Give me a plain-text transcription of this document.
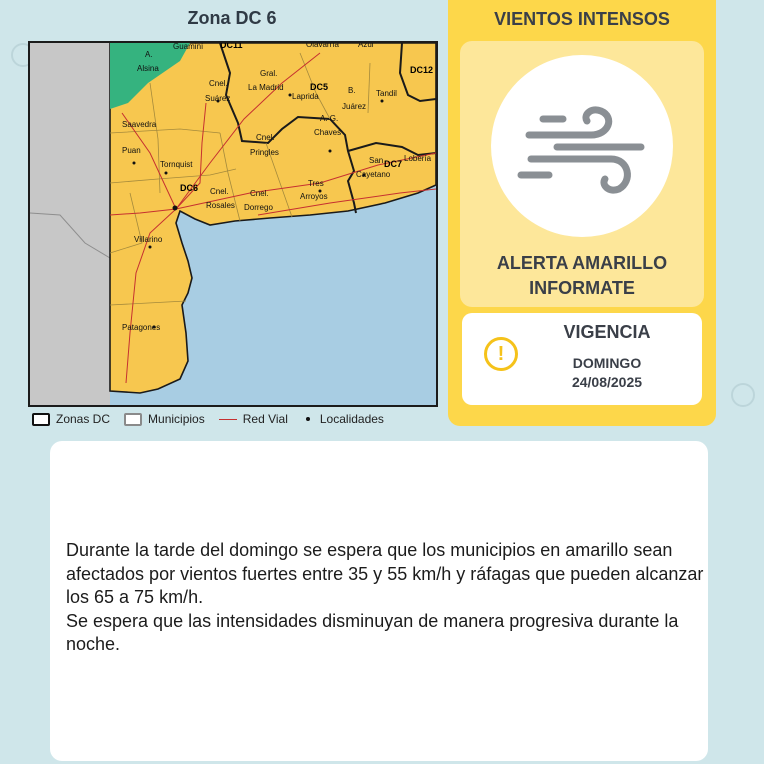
Zona DC 6
Guaminí
A.
Alsina
Cnel.
Suárez
Gral.
La Madrid
Laprida
B.
Juárez
Tandil
Olavarría Azul
Saavedra
Cnel.
Pringles
A. G.
Chaves
Puan
Tornquist	San
Cayetano
Lobería
Tres
Arroyos
Cnel.
Rosales
Cnel.
Dorrego
Villarino
Patagones
DC11
DC5
DC6
DC7
DC12
Zonas DC	Municipios	Red Vial	Localidades
VIENTOS INTENSOS
ALERTA AMARILLO
INFORMATE
!
VIGENCIA
DOMINGO
24/08/2025
Durante la tarde del domingo se espera que los municipios en amarillo sean afectados por vientos fuertes entre 35 y 55 km/h y ráfagas que pueden alcanzar los 65 a 75 km/h.
Se espera que las intensidades disminuyan de manera progresiva durante la noche.
